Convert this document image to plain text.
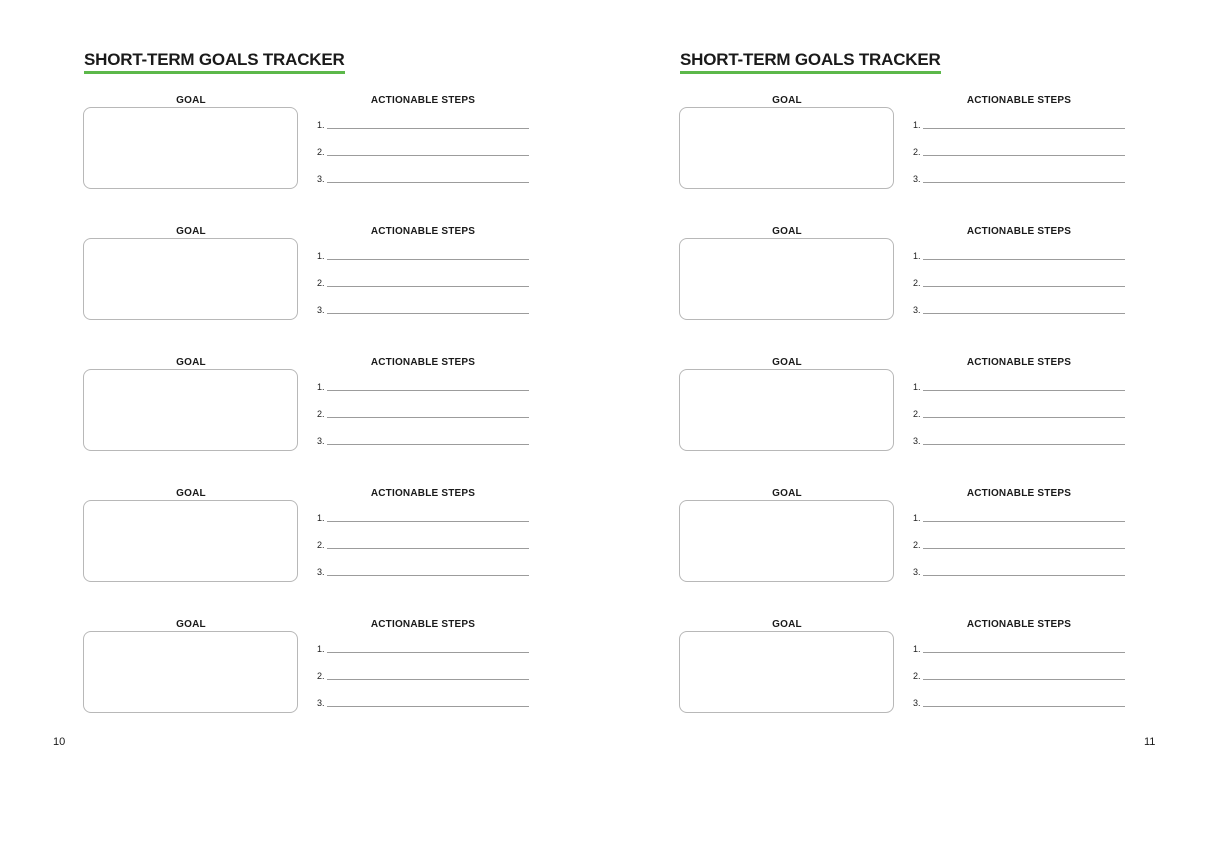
SHORT-TERM GOALS TRACKER
GOAL	ACTIONABLE STEPS
1.
2.
3.
GOAL	ACTIONABLE STEPS
1.
2.
3.
GOAL	ACTIONABLE STEPS
1.
2.
3.
GOAL	ACTIONABLE STEPS
1.
2.
3.
GOAL	ACTIONABLE STEPS
1.
2.
3.
10
SHORT-TERM GOALS TRACKER
GOAL	ACTIONABLE STEPS
1.
2.
3.
GOAL	ACTIONABLE STEPS
1.
2.
3.
GOAL	ACTIONABLE STEPS
1.
2.
3.
GOAL	ACTIONABLE STEPS
1.
2.
3.
GOAL	ACTIONABLE STEPS
1.
2.
3.
11
